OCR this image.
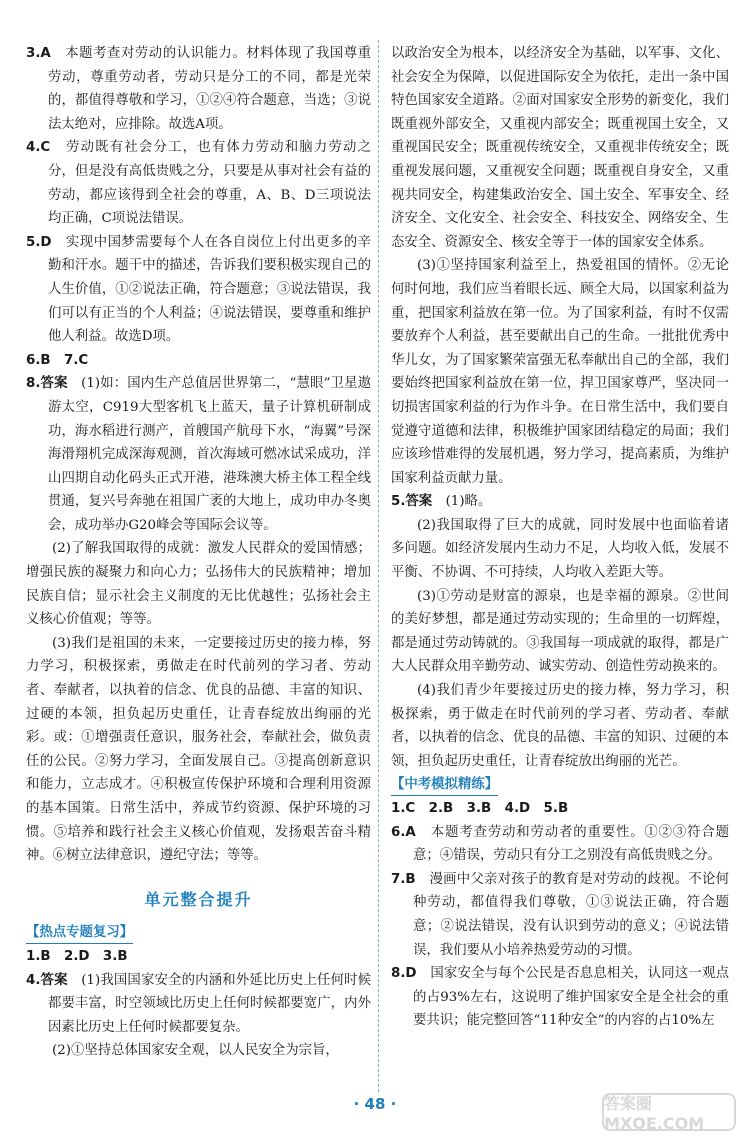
3.A　 本题考查对劳动的认识能力。材料体现了我国尊重劳动，尊重劳动者，劳动只是分工的不同，都是光荣的，都值得尊敬和学习，①②④符合题意，当选；③说法太绝对，应排除。故选A项。

4.C　 劳动既有社会分工，也有体力劳动和脑力劳动之分，但是没有高低贵贱之分，只要是从事对社会有益的劳动，都应该得到全社会的尊重，A、B、D三项说法均正确，C项说法错误。

5.D　 实现中国梦需要每个人在各自岗位上付出更多的辛勤和汗水。题干中的描述，告诉我们要积极实现自己的人生价值，①②说法正确，符合题意；③说法错误，我们可以有正当的个人利益；④说法错误，要尊重和维护他人利益。故选D项。

6.B　7.C

8.答案　 (1)如：国内生产总值居世界第二，“慧眼”卫星遨游太空，C919大型客机飞上蓝天，量子计算机研制成功，海水稻进行测产，首艘国产航母下水，“海翼”号深海滑翔机完成深海观测，首次海域可燃冰试采成功，洋山四期自动化码头正式开港，港珠澳大桥主体工程全线贯通，复兴号奔驰在祖国广袤的大地上，成功申办冬奥会，成功举办G20峰会等国际会议等。

(2)了解我国取得的成就：激发人民群众的爱国情感；增强民族的凝聚力和向心力；弘扬伟大的民族精神；增加民族自信；显示社会主义制度的无比优越性；弘扬社会主义核心价值观；等等。

(3)我们是祖国的未来，一定要接过历史的接力棒，努力学习，积极探索，勇做走在时代前列的学习者、劳动者、奉献者，以执着的信念、优良的品德、丰富的知识、过硬的本领，担负起历史重任，让青春绽放出绚丽的光彩。或：①增强责任意识，服务社会，奉献社会，做负责任的公民。②努力学习，全面发展自己。③提高创新意识和能力，立志成才。④积极宣传保护环境和合理利用资源的基本国策。日常生活中，养成节约资源、保护环境的习惯。⑤培养和践行社会主义核心价值观，发扬艰苦奋斗精神。⑥树立法律意识，遵纪守法；等等。

单元整合提升
【热点专题复习】

1.B　2.D　3.B

4.答案　 (1)我国国家安全的内涵和外延比历史上任何时候都要丰富，时空领域比历史上任何时候都要宽广，内外因素比历史上任何时候都要复杂。

(2)①坚持总体国家安全观，以人民安全为宗旨，

以政治安全为根本，以经济安全为基础，以军事、文化、社会安全为保障，以促进国际安全为依托，走出一条中国特色国家安全道路。②面对国家安全形势的新变化，我们既重视外部安全，又重视内部安全；既重视国土安全，又重视国民安全；既重视传统安全，又重视非传统安全；既重视发展问题，又重视安全问题；既重视自身安全，又重视共同安全，构建集政治安全、国土安全、军事安全、经济安全、文化安全、社会安全、科技安全、网络安全、生态安全、资源安全、核安全等于一体的国家安全体系。

(3)①坚持国家利益至上，热爱祖国的情怀。②无论何时何地，我们应当着眼长远、顾全大局，以国家利益为重，把国家利益放在第一位。为了国家利益，有时不仅需要放弃个人利益，甚至要献出自己的生命。一批批优秀中华儿女，为了国家繁荣富强无私奉献出自己的全部，我们要始终把国家利益放在第一位，捍卫国家尊严，坚决同一切损害国家利益的行为作斗争。在日常生活中，我们要自觉遵守道德和法律，积极维护国家团结稳定的局面；我们应该珍惜难得的发展机遇，努力学习，提高素质，为维护国家利益贡献力量。

5.答案　 (1)略。

(2)我国取得了巨大的成就，同时发展中也面临着诸多问题。如经济发展内生动力不足，人均收入低，发展不平衡、不协调、不可持续，人均收入差距大等。

(3)①劳动是财富的源泉，也是幸福的源泉。②世间的美好梦想，都是通过劳动实现的；生命里的一切辉煌，都是通过劳动铸就的。③我国每一项成就的取得，都是广大人民群众用辛勤劳动、诚实劳动、创造性劳动换来的。

(4)我们青少年要接过历史的接力棒，努力学习，积极探索，勇于做走在时代前列的学习者、劳动者、奉献者，以执着的信念、优良的品德、丰富的知识、过硬的本领，担负起历史重任，让青春绽放出绚丽的光芒。

【中考模拟精练】

1.C　2.B　3.B　4.D　5.B

6.A　 本题考查劳动和劳动者的重要性。①②③符合题意；④错误，劳动只有分工之别没有高低贵贱之分。

7.B　 漫画中父亲对孩子的教育是对劳动的歧视。不论何种劳动，都值得我们尊敬，①③说法正确，符合题意；②说法错误，没有认识到劳动的意义；④说法错误，我们要从小培养热爱劳动的习惯。

8.D　 国家安全与每个公民是否息息相关，认同这一观点的占93%左右，这说明了维护国家安全是全社会的重要共识；能完整回答“11种安全”的内容的占10%左

· 48 ·	答案圈 MXQE.COM
